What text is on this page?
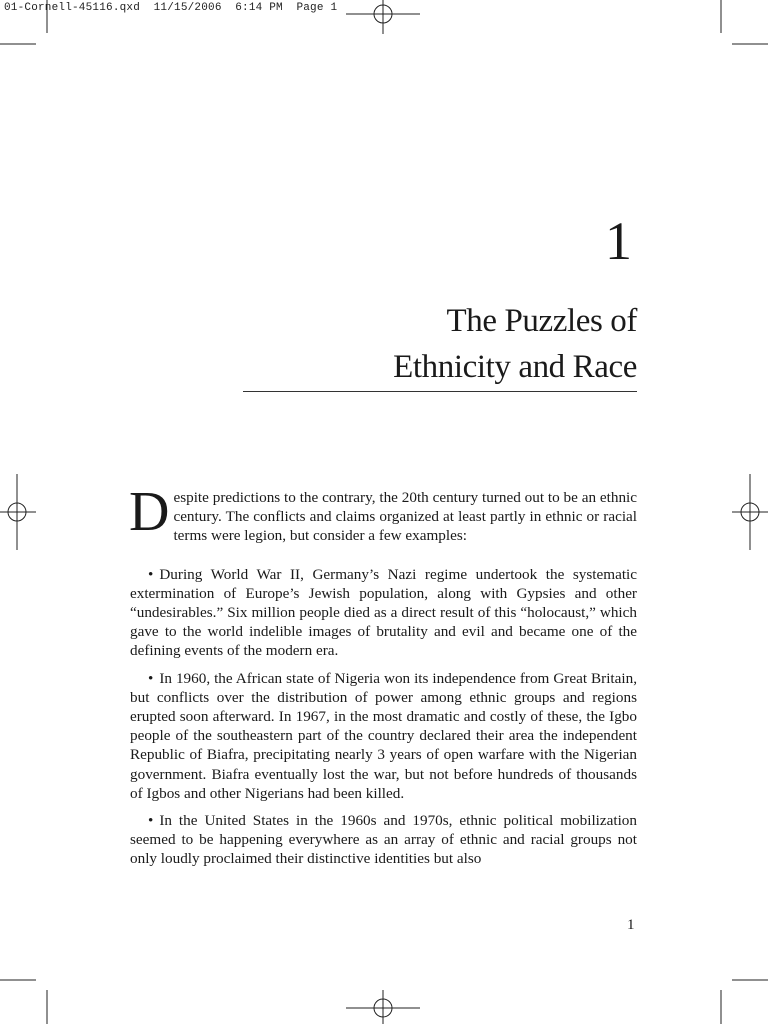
01-Cornell-45116.qxd  11/15/2006  6:14 PM  Page 1
1
The Puzzles of
Ethnicity and Race

Despite predictions to the contrary, the 20th century turned out to be an ethnic century. The conflicts and claims organized at least partly in ethnic or racial terms were legion, but consider a few examples:

• During World War II, Germany’s Nazi regime undertook the systematic extermination of Europe’s Jewish population, along with Gypsies and other “undesirables.” Six million people died as a direct result of this “holocaust,” which gave to the world indelible images of brutality and evil and became one of the defining events of the modern era.

• In 1960, the African state of Nigeria won its independence from Great Britain, but conflicts over the distribution of power among ethnic groups and regions erupted soon afterward. In 1967, in the most dramatic and costly of these, the Igbo people of the southeastern part of the country declared their area the independent Republic of Biafra, precipitating nearly 3 years of open warfare with the Nigerian government. Biafra eventually lost the war, but not before hundreds of thousands of Igbos and other Nigerians had been killed.

• In the United States in the 1960s and 1970s, ethnic political mobilization seemed to be happening everywhere as an array of ethnic and racial groups not only loudly proclaimed their distinctive identities but also

1
